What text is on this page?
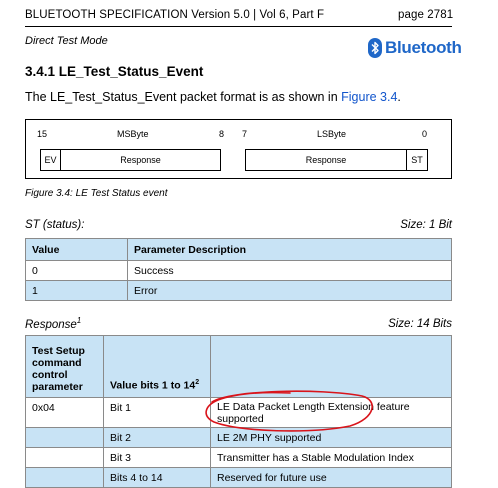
BLUETOOTH SPECIFICATION Version 5.0 | Vol 6, Part F	page 2781
Direct Test Mode	Bluetooth
3.4.1 LE_Test_Status_Event
The LE_Test_Status_Event packet format is as shown in Figure 3.4.
15	MSByte	8 7	LSByte	0
EV	Response	Response	ST
Figure 3.4: LE Test Status event
ST (status):	Size: 1 Bit
Value	Parameter Description
0	Success
1	Error
Response$^1$	Size: 14 Bits
Test Setup command control parameter	Value bits 1 to $14^2$	
0x04	Bit 1	LE Data Packet Length Extension feature supported
	Bit 2	LE 2M PHY supported
	Bit 3	Transmitter has a Stable Modulation Index
	Bits 4 to 14	Reserved for future use
